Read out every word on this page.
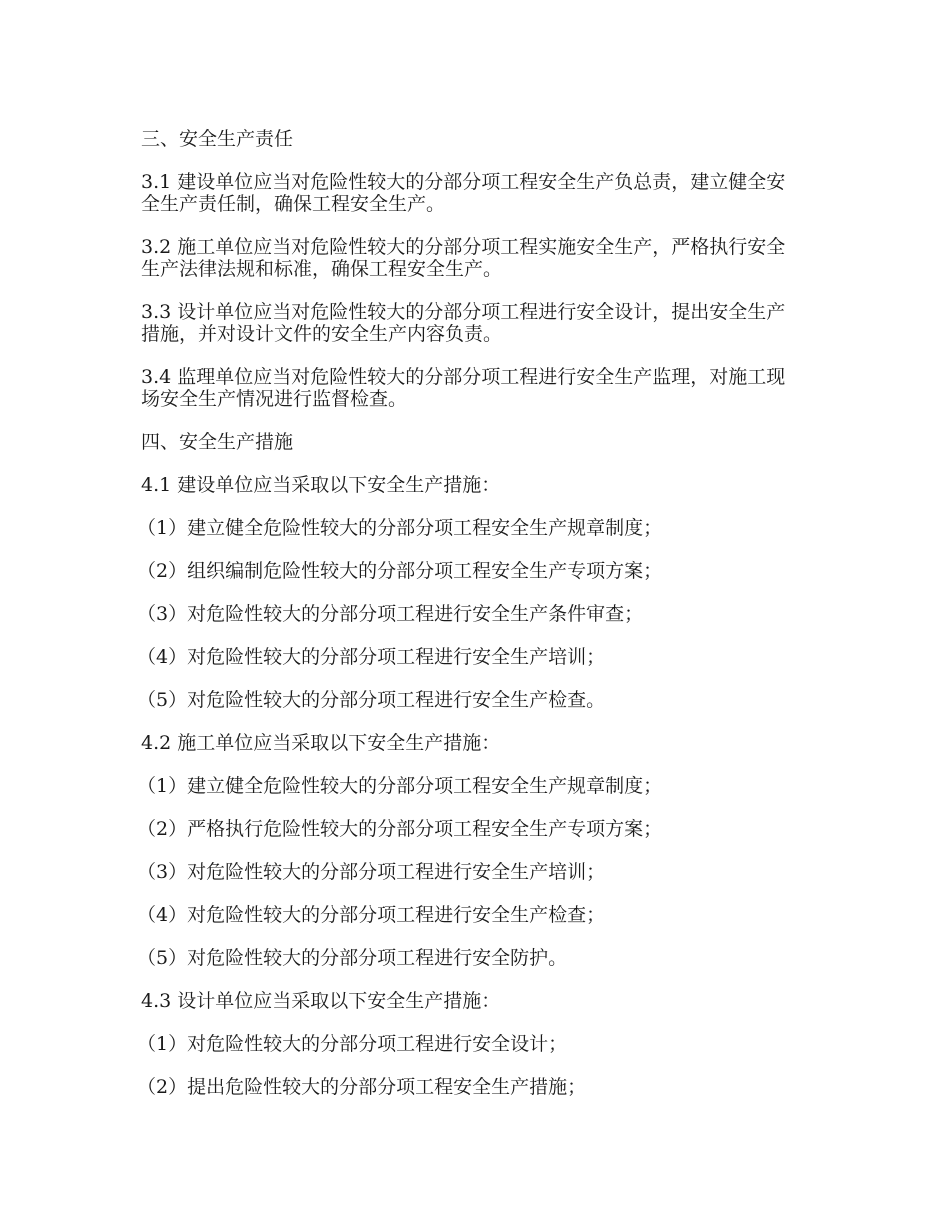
三、安全生产责任

3.1 建设单位应当对危险性较大的分部分项工程安全生产负总责，建立健全安全生产责任制，确保工程安全生产。

3.2 施工单位应当对危险性较大的分部分项工程实施安全生产，严格执行安全生产法律法规和标准，确保工程安全生产。

3.3 设计单位应当对危险性较大的分部分项工程进行安全设计，提出安全生产措施，并对设计文件的安全生产内容负责。

3.4 监理单位应当对危险性较大的分部分项工程进行安全生产监理，对施工现场安全生产情况进行监督检查。

四、安全生产措施

4.1 建设单位应当采取以下安全生产措施：

（1）建立健全危险性较大的分部分项工程安全生产规章制度；

（2）组织编制危险性较大的分部分项工程安全生产专项方案；

（3）对危险性较大的分部分项工程进行安全生产条件审查；

（4）对危险性较大的分部分项工程进行安全生产培训；

（5）对危险性较大的分部分项工程进行安全生产检查。

4.2 施工单位应当采取以下安全生产措施：

（1）建立健全危险性较大的分部分项工程安全生产规章制度；

（2）严格执行危险性较大的分部分项工程安全生产专项方案；

（3）对危险性较大的分部分项工程进行安全生产培训；

（4）对危险性较大的分部分项工程进行安全生产检查；

（5）对危险性较大的分部分项工程进行安全防护。

4.3 设计单位应当采取以下安全生产措施：

（1）对危险性较大的分部分项工程进行安全设计；

（2）提出危险性较大的分部分项工程安全生产措施；
